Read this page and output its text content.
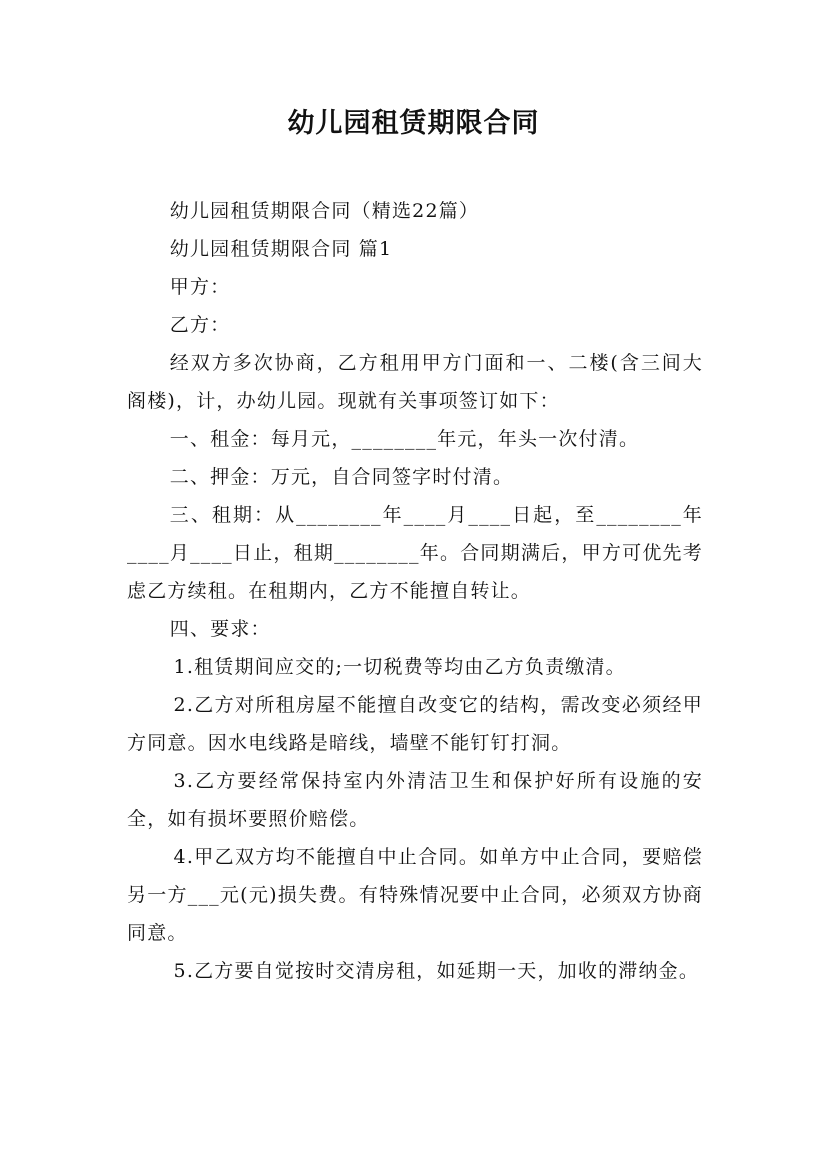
幼儿园租赁期限合同

幼儿园租赁期限合同（精选22篇）

幼儿园租赁期限合同 篇1

甲方：

乙方：

经双方多次协商，乙方租用甲方门面和一、二楼(含三间大阁楼)，计，办幼儿园。现就有关事项签订如下：

一、租金：每月元，________年元，年头一次付清。

二、押金：万元，自合同签字时付清。

三、租期：从________年____月____日起，至________年____月____日止，租期________年。合同期满后，甲方可优先考虑乙方续租。在租期内，乙方不能擅自转让。

四、要求：

1.租赁期间应交的;一切税费等均由乙方负责缴清。

2.乙方对所租房屋不能擅自改变它的结构，需改变必须经甲方同意。因水电线路是暗线，墙壁不能钉钉打洞。

3.乙方要经常保持室内外清洁卫生和保护好所有设施的安全，如有损坏要照价赔偿。

4.甲乙双方均不能擅自中止合同。如单方中止合同，要赔偿另一方___元(元)损失费。有特殊情况要中止合同，必须双方协商同意。

5.乙方要自觉按时交清房租，如延期一天，加收的滞纳金。
